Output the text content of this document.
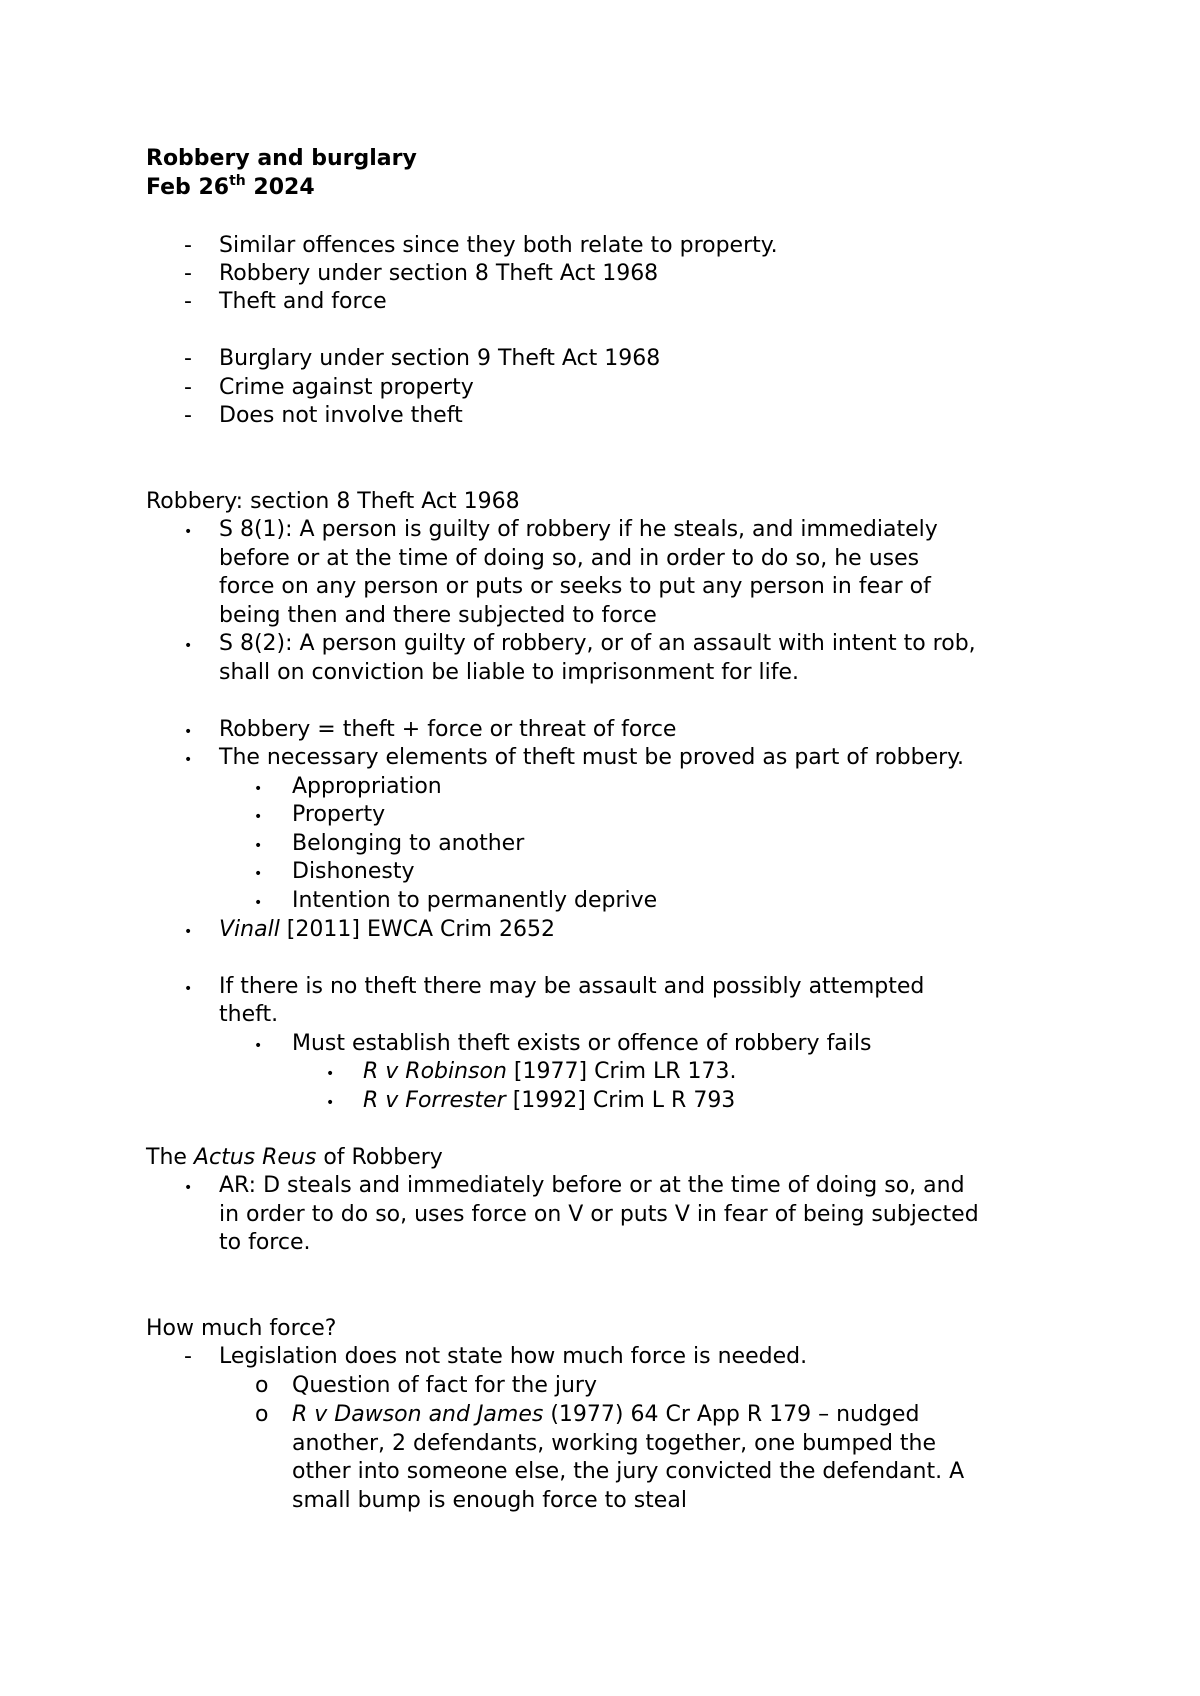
Robbery and burglary
Feb 26th 2024
- Similar offences since they both relate to property.
- Robbery under section 8 Theft Act 1968
- Theft and force
- Burglary under section 9 Theft Act 1968
- Crime against property
- Does not involve theft
Robbery: section 8 Theft Act 1968
• S 8(1): A person is guilty of robbery if he steals, and immediately
before or at the time of doing so, and in order to do so, he uses
force on any person or puts or seeks to put any person in fear of
being then and there subjected to force
• S 8(2): A person guilty of robbery, or of an assault with intent to rob,
shall on conviction be liable to imprisonment for life.
• Robbery = theft + force or threat of force
• The necessary elements of theft must be proved as part of robbery.
• Appropriation
• Property
• Belonging to another
• Dishonesty
• Intention to permanently deprive
• Vinall [2011] EWCA Crim 2652
• If there is no theft there may be assault and possibly attempted
theft.
• Must establish theft exists or offence of robbery fails
• R v Robinson [1977] Crim LR 173.
• R v Forrester [1992] Crim L R 793
The Actus Reus of Robbery
• AR: D steals and immediately before or at the time of doing so, and
in order to do so, uses force on V or puts V in fear of being subjected
to force.
How much force?
- Legislation does not state how much force is needed.
o Question of fact for the jury
o R v Dawson and James (1977) 64 Cr App R 179 – nudged
another, 2 defendants, working together, one bumped the
other into someone else, the jury convicted the defendant. A
small bump is enough force to steal
